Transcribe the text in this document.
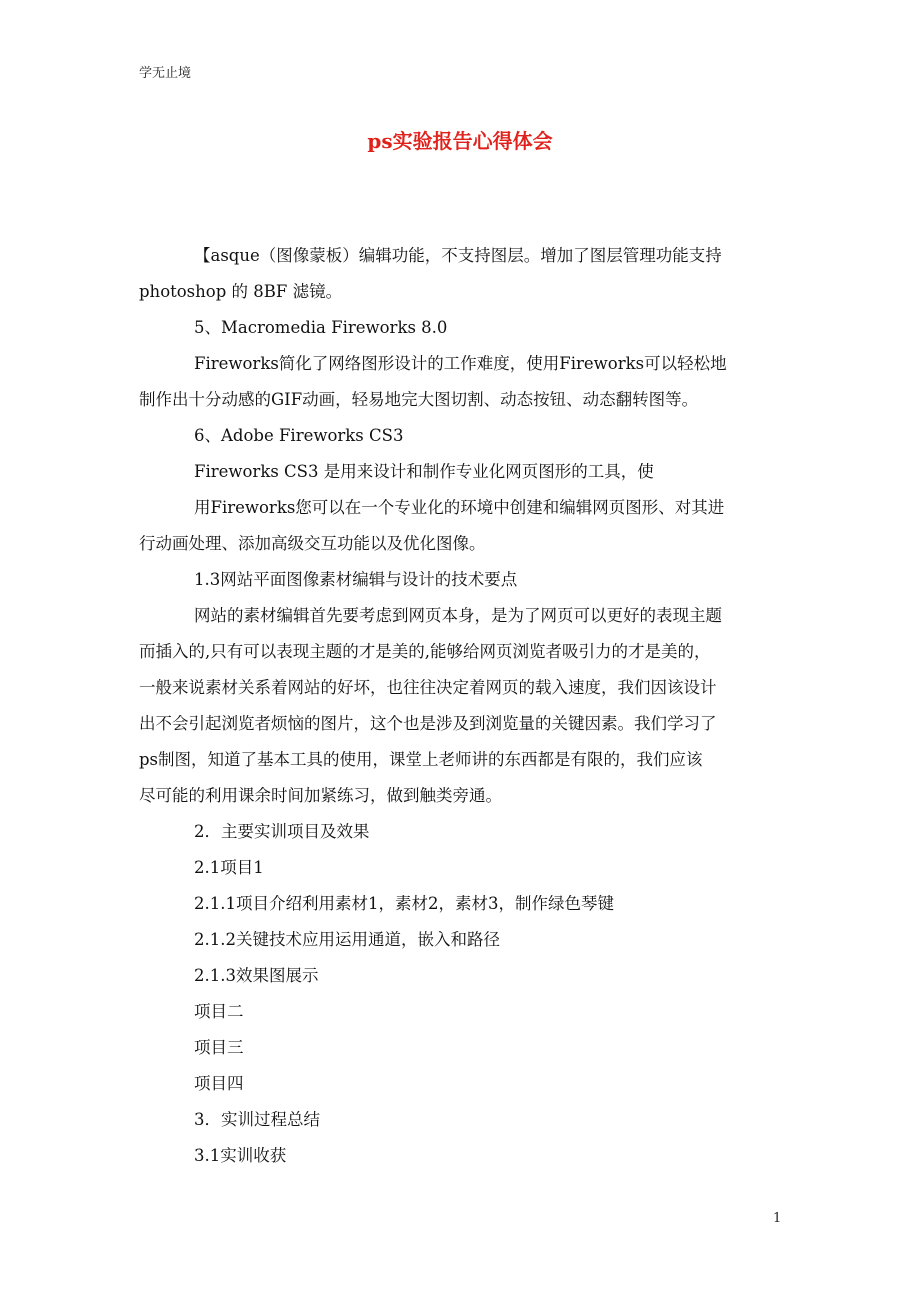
学无止境
ps实验报告心得体会

【asque（图像蒙板）编辑功能，不支持图层。增加了图层管理功能支持
photoshop 的 8BF 滤镜。

5、Macromedia Fireworks 8.0

Fireworks简化了网络图形设计的工作难度，使用Fireworks可以轻松地
制作出十分动感的GIF动画，轻易地完大图切割、动态按钮、动态翻转图等。

6、Adobe Fireworks CS3

Fireworks CS3 是用来设计和制作专业化网页图形的工具，使

用Fireworks您可以在一个专业化的环境中创建和编辑网页图形、对其进
行动画处理、添加高级交互功能以及优化图像。

1.3网站平面图像素材编辑与设计的技术要点

网站的素材编辑首先要考虑到网页本身，是为了网页可以更好的表现主题
而插入的,只有可以表现主题的才是美的,能够给网页浏览者吸引力的才是美的，
一般来说素材关系着网站的好坏，也往往决定着网页的载入速度，我们因该设计
出不会引起浏览者烦恼的图片，这个也是涉及到浏览量的关键因素。我们学习了
ps制图，知道了基本工具的使用，课堂上老师讲的东西都是有限的，我们应该
尽可能的利用课余时间加紧练习，做到触类旁通。

2．主要实训项目及效果

2.1项目1

2.1.1项目介绍利用素材1，素材2，素材3，制作绿色琴键

2.1.2关键技术应用运用通道，嵌入和路径

2.1.3效果图展示

项目二

项目三

项目四

3．实训过程总结

3.1实训收获

1
